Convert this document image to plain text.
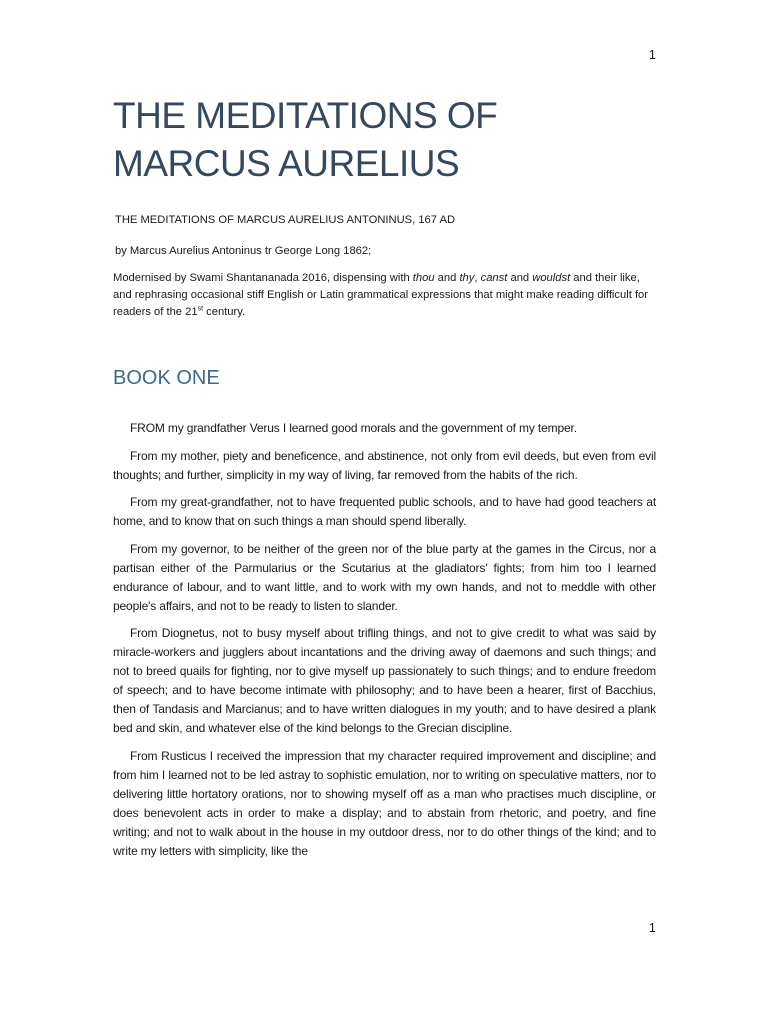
1
THE MEDITATIONS OF
MARCUS AURELIUS
THE MEDITATIONS OF MARCUS AURELIUS ANTONINUS, 167 AD
by Marcus Aurelius Antoninus tr George Long 1862;
Modernised by Swami Shantananada 2016, dispensing with thou and thy, canst and wouldst and their like, and rephrasing occasional stiff English or Latin grammatical expressions that might make reading difficult for readers of the 21st century.
BOOK ONE

FROM my grandfather Verus I learned good morals and the government of my temper.

From my mother, piety and beneficence, and abstinence, not only from evil deeds, but even from evil thoughts; and further, simplicity in my way of living, far removed from the habits of the rich.

From my great-grandfather, not to have frequented public schools, and to have had good teachers at home, and to know that on such things a man should spend liberally.

From my governor, to be neither of the green nor of the blue party at the games in the Circus, nor a partisan either of the Parmularius or the Scutarius at the gladiators' fights; from him too I learned endurance of labour, and to want little, and to work with my own hands, and not to meddle with other people's affairs, and not to be ready to listen to slander.

From Diognetus, not to busy myself about trifling things, and not to give credit to what was said by miracle-workers and jugglers about incantations and the driving away of daemons and such things; and not to breed quails for fighting, nor to give myself up passionately to such things; and to endure freedom of speech; and to have become intimate with philosophy; and to have been a hearer, first of Bacchius, then of Tandasis and Marcianus; and to have written dialogues in my youth; and to have desired a plank bed and skin, and whatever else of the kind belongs to the Grecian discipline.

From Rusticus I received the impression that my character required improvement and discipline; and from him I learned not to be led astray to sophistic emulation, nor to writing on speculative matters, nor to delivering little hortatory orations, nor to showing myself off as a man who practises much discipline, or does benevolent acts in order to make a display; and to abstain from rhetoric, and poetry, and fine writing; and not to walk about in the house in my outdoor dress, nor to do other things of the kind; and to write my letters with simplicity, like the

1
